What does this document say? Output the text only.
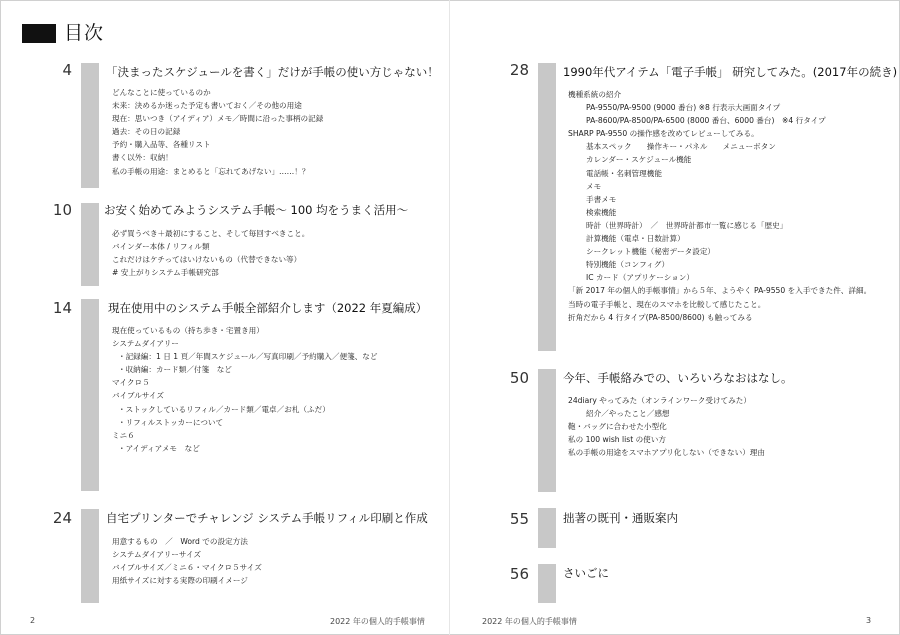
目次
4	「決まったスケジュールを書く」だけが手帳の使い方じゃない！
どんなことに使っているのか
未来：決めるか迷った予定も書いておく／その他の用途
現在：思いつき（アイディア）メモ／時間に沿った事柄の記録
過去：その日の記録
予約・購入品等、各種リスト
書く以外：収納！
私の手帳の用途：まとめると「忘れてあげない」……！？
10	お安く始めてみようシステム手帳～ 100 均をうまく活用～
必ず買うべき＋最初にすること、そして毎回すべきこと。
バインダー本体 / リフィル類
これだけはケチってはいけないもの（代替できない等）
# 安上がりシステム手帳研究部
14	現在使用中のシステム手帳全部紹介します（2022 年夏編成）
現在使っているもの（持ち歩き・宅置き用）
システムダイアリー
・記録編：1 日 1 頁／年間スケジュール／写真印刷／予約購入／便箋、など
・収納編：カード類／付箋　など
マイクロ５
バイブルサイズ
・ストックしているリフィル／カード類／電卓／お札（ふだ）
・リフィルストッカーについて
ミニ６
・アイディアメモ　など
24	自宅プリンターでチャレンジ システム手帳リフィル印刷と作成
用意するもの　／　Word での設定方法
システムダイアリーサイズ
バイブルサイズ／ミニ６・マイクロ５サイズ
用紙サイズに対する実際の印刷イメージ
28	1990年代アイテム「電子手帳」 研究してみた。(2017年の続き)
機種系統の紹介
PA-9550/PA-9500 (9000 番台) ※8 行表示大画面タイプ
PA-8600/PA-8500/PA-6500 (8000 番台、6000 番台)　※4 行タイプ
SHARP PA-9550 の操作感を改めてレビューしてみる。
基本スペック　　操作キー・パネル　　メニューボタン
カレンダー・スケジュール機能
電話帳・名刺管理機能
メモ
手書メモ
検索機能
時計（世界時計）　／　世界時計都市一覧に感じる「歴史」
計算機能（電卓・日数計算）
シークレット機能（秘密データ設定）
特別機能（コンフィグ）
IC カード（アプリケーション）
「新 2017 年の個人的手帳事情」から５年、ようやく PA-9550 を入手できた件、詳細。
当時の電子手帳と、現在のスマホを比較して感じたこと。
折角だから 4 行タイプ(PA-8500/8600) も触ってみる
50	今年、手帳絡みでの、いろいろなおはなし。
24diary やってみた（オンラインワーク受けてみた）
紹介／やったこと／感想
鞄・バッグに合わせた小型化
私の 100 wish list の使い方
私の手帳の用途をスマホアプリ化しない（できない）理由
55	拙著の既刊・通販案内
56	さいごに
2	2022 年の個人的手帳事情	2022 年の個人的手帳事情	3
